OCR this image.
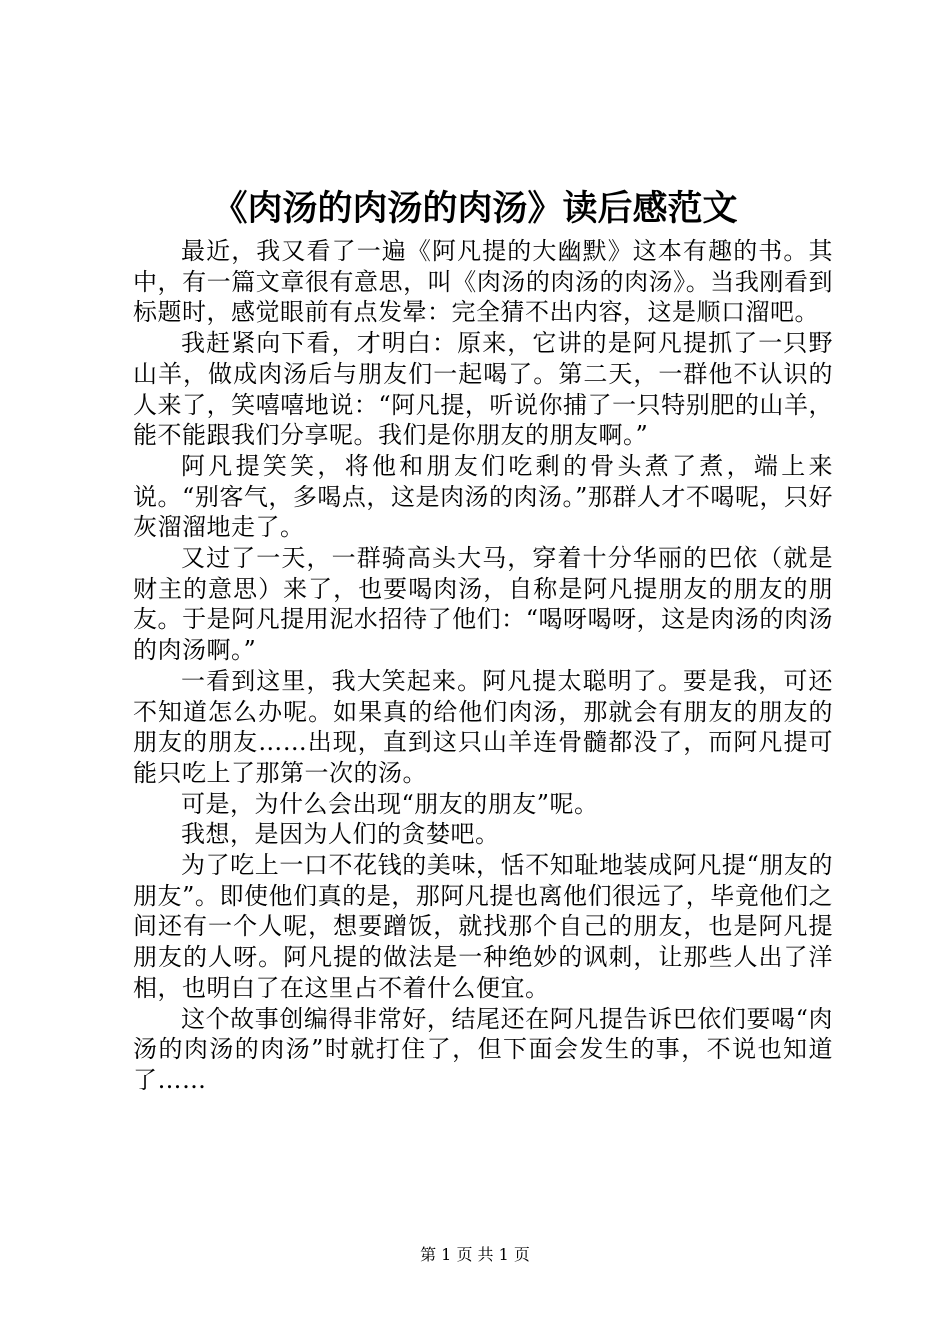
《肉汤的肉汤的肉汤》读后感范文

最近，我又看了一遍《阿凡提的大幽默》这本有趣的书。其中，有一篇文章很有意思，叫《肉汤的肉汤的肉汤》。当我刚看到标题时，感觉眼前有点发晕：完全猜不出内容，这是顺口溜吧。

我赶紧向下看，才明白：原来，它讲的是阿凡提抓了一只野山羊，做成肉汤后与朋友们一起喝了。第二天，一群他不认识的人来了，笑嘻嘻地说：“阿凡提，听说你捕了一只特别肥的山羊，能不能跟我们分享呢。我们是你朋友的朋友啊。”

阿凡提笑笑，将他和朋友们吃剩的骨头煮了煮，端上来说。“别客气，多喝点，这是肉汤的肉汤。”那群人才不喝呢，只好灰溜溜地走了。

又过了一天，一群骑高头大马，穿着十分华丽的巴依（就是财主的意思）来了，也要喝肉汤，自称是阿凡提朋友的朋友的朋友。于是阿凡提用泥水招待了他们：“喝呀喝呀，这是肉汤的肉汤的肉汤啊。”

一看到这里，我大笑起来。阿凡提太聪明了。要是我，可还不知道怎么办呢。如果真的给他们肉汤，那就会有朋友的朋友的朋友的朋友……出现，直到这只山羊连骨髓都没了，而阿凡提可能只吃上了那第一次的汤。

可是，为什么会出现“朋友的朋友”呢。

我想，是因为人们的贪婪吧。

为了吃上一口不花钱的美味，恬不知耻地装成阿凡提“朋友的朋友”。即使他们真的是，那阿凡提也离他们很远了，毕竟他们之间还有一个人呢，想要蹭饭，就找那个自己的朋友，也是阿凡提朋友的人呀。阿凡提的做法是一种绝妙的讽刺，让那些人出了洋相，也明白了在这里占不着什么便宜。

这个故事创编得非常好，结尾还在阿凡提告诉巴依们要喝“肉汤的肉汤的肉汤”时就打住了，但下面会发生的事，不说也知道了……

第 1 页 共 1 页
